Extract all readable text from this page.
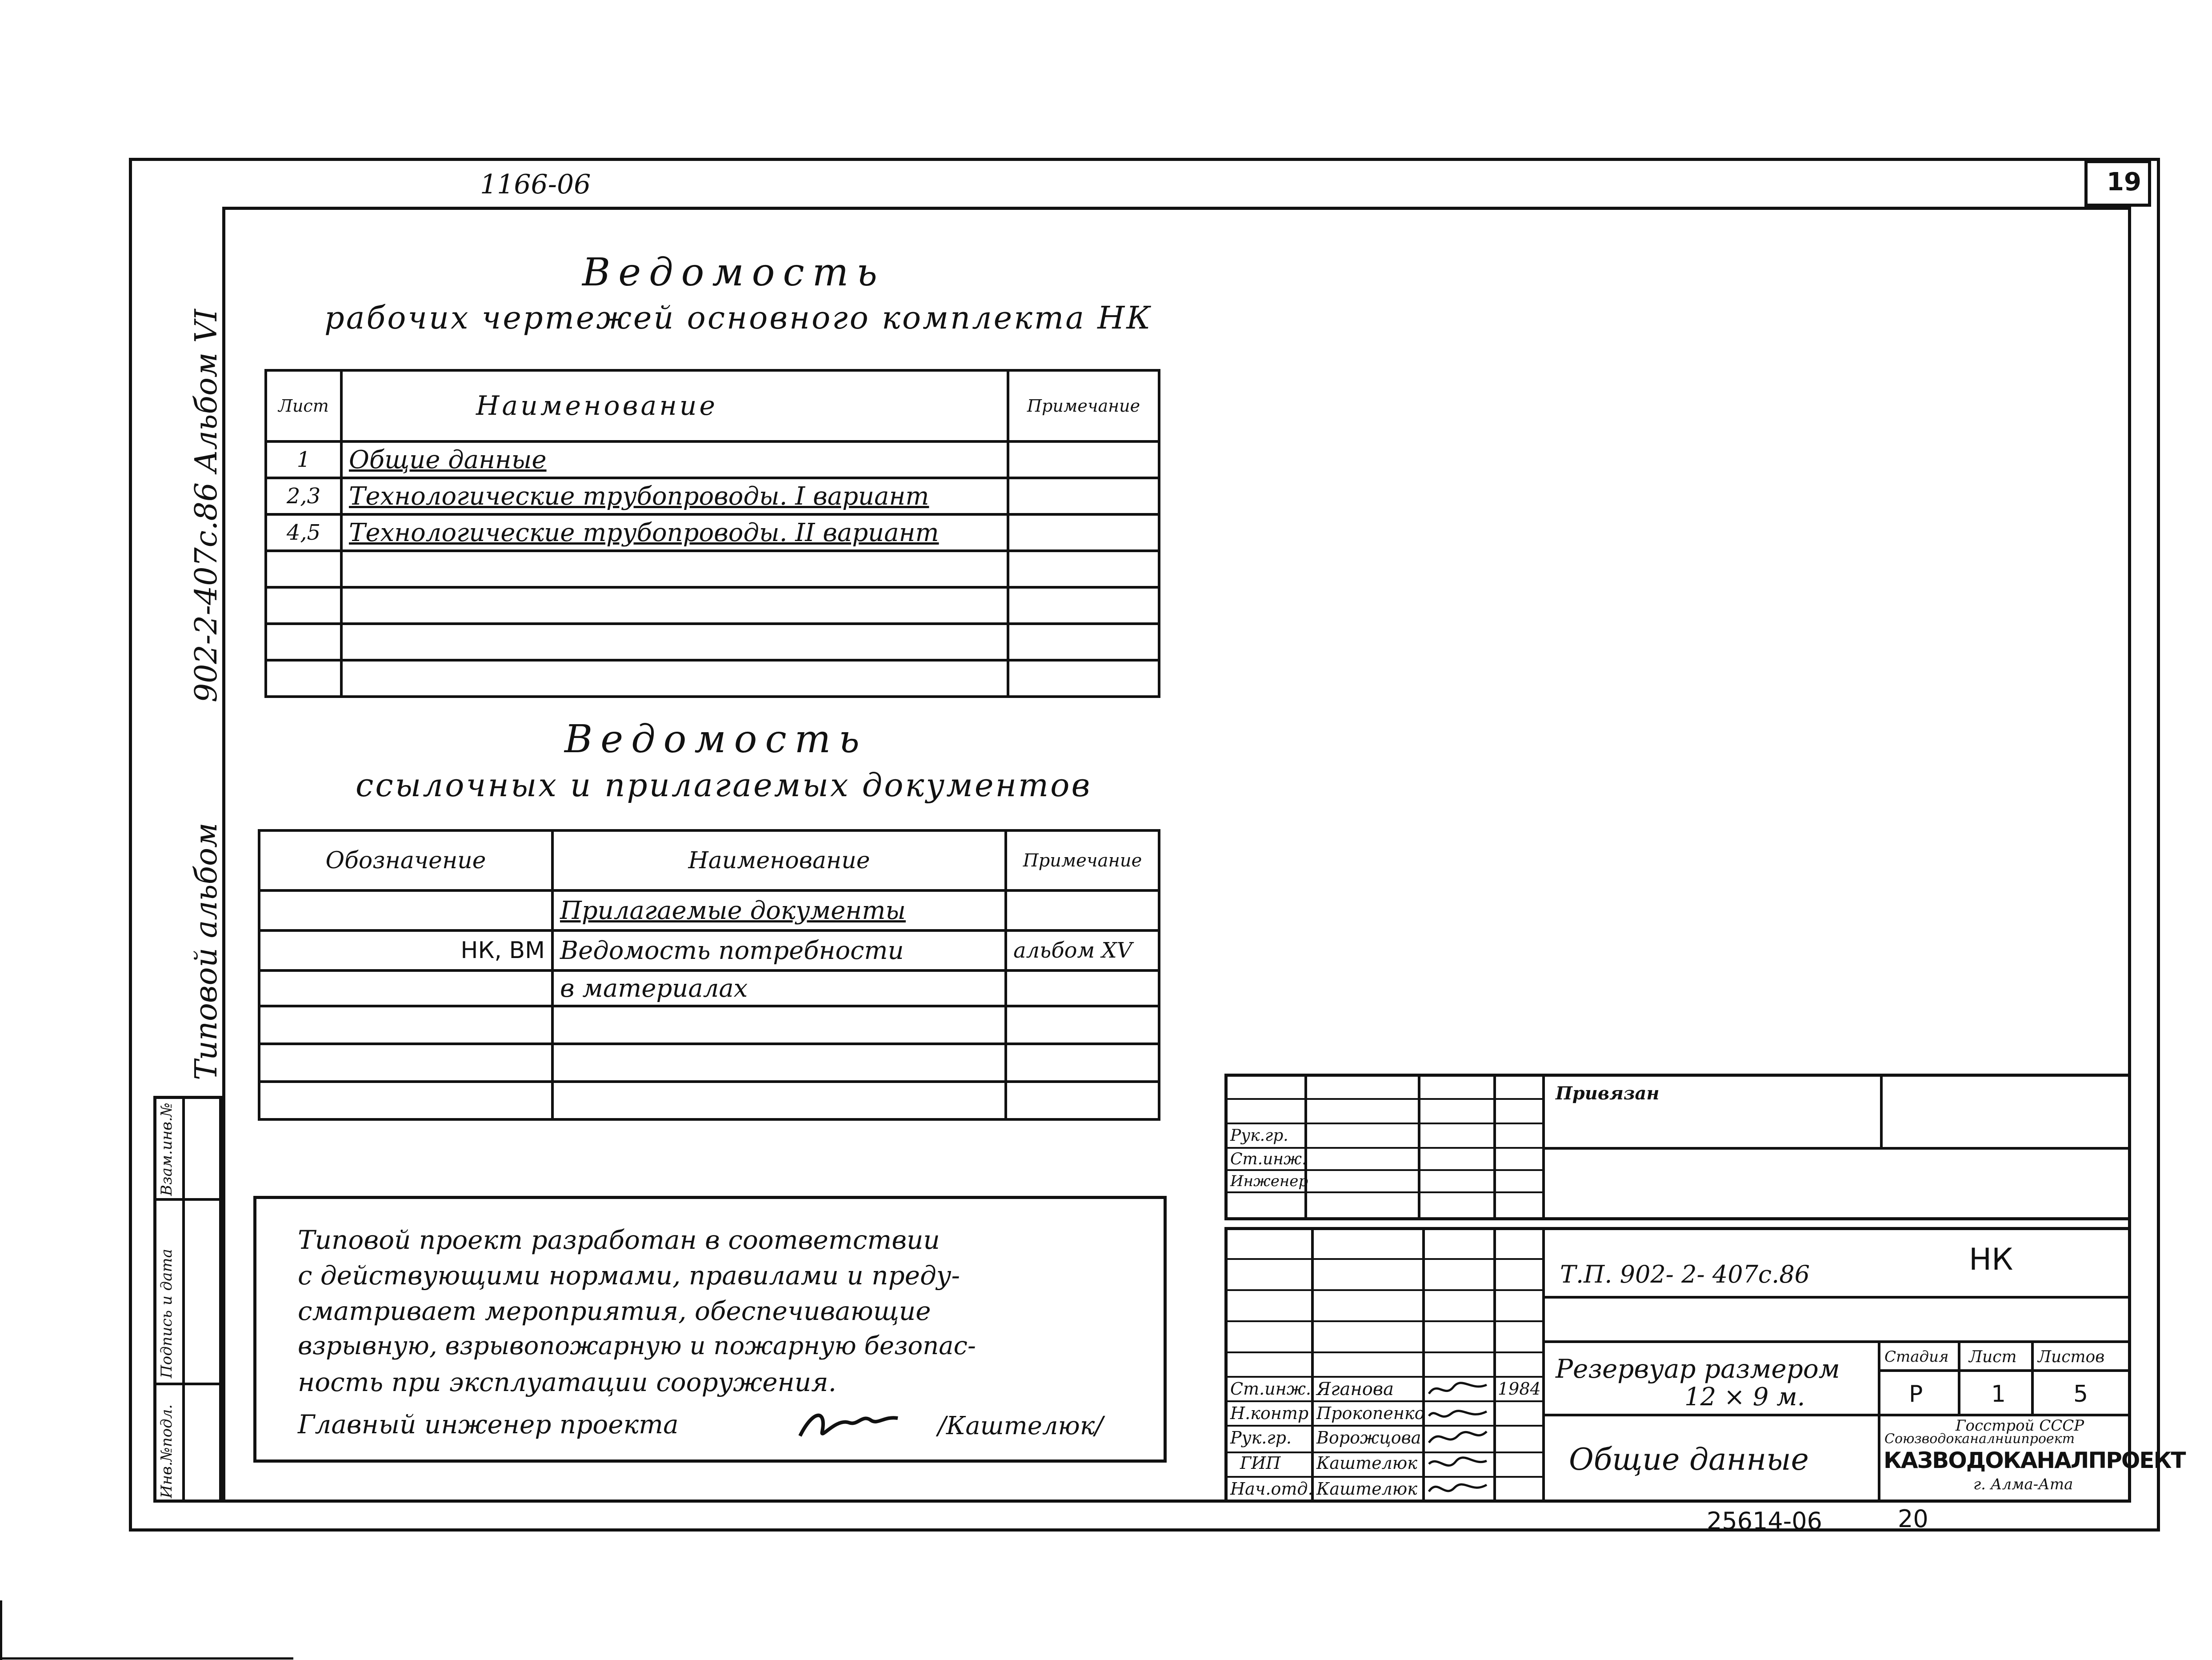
1166-06	19
902-2-407с.86 Альбом VI
Типовой альбом
Инв.№подл.
Подпись и дата
Взам.инв.№
Ведомость
рабочих чертежей основного комплекта НК
Лист	Наименование	Примечание
1	Общие данные	
2,3	Технологические трубопроводы. I вариант	
4,5	Технологические трубопроводы. II вариант	

Ведомость
ссылочных и прилагаемых документов
Обозначение	Наименование	Примечание
	Прилагаемые документы	
НК, ВМ	Ведомость потребности	альбом XV
	в материалах	

Типовой проект разработан в соответствии
с действующими нормами, правилами и преду-
сматривает мероприятия, обеспечивающие
взрывную, взрывопожарную и пожарную безопас-
ность при эксплуатации сооружения.
Главный инженер проекта	/Каштелюк/
Привязан
Рук.гр.
Ст.инж.
Инженер
Ст.инж. Яганова	1984
Н.контр Прокопенко
Рук.гр. Ворожцова
ГИП Каштелюк
Нач.отд. Каштелюк
Т.П. 902- 2- 407с.86	НК
Резервуар размером
12 × 9 м.
Общие данные
Стадия Лист Листов
Р	1	5
Госстрой СССР
Союзводоканалниипроект
КАЗВОДОКАНАЛПРОЕКТ
г. Алма-Ата
25614-06	20
